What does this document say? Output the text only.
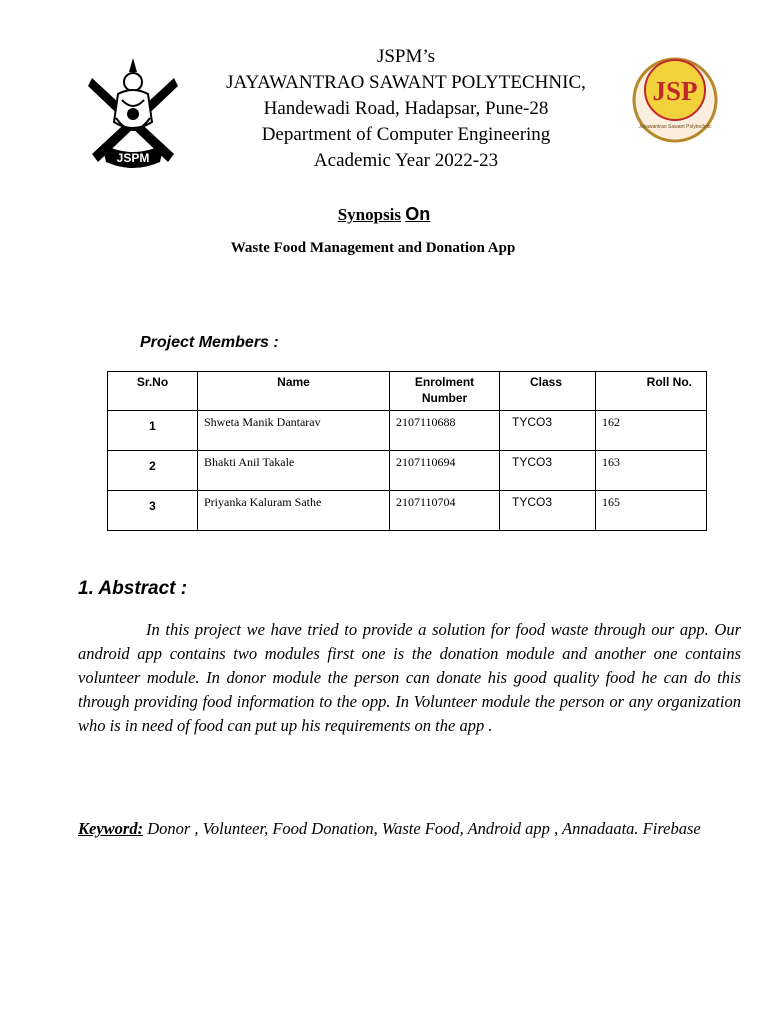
JSPM
JSPM’s
JAYAWANTRAO SAWANT POLYTECHNIC,
Handewadi Road, Hadapsar, Pune-28
Department of Computer Engineering
Academic Year 2022-23
JSP
Jayawantrao Sawant Polytechnic
Synopsis On
Waste Food Management and Donation App
Project Members :
Sr.No	Name	Enrolment Number	Class	Roll No.
1	Shweta Manik Dantarav	2107110688	TYCO3	162
2	Bhakti Anil Takale	2107110694	TYCO3	163
3	Priyanka Kaluram Sathe	2107110704	TYCO3	165
1. Abstract :
In this project we have tried to provide a solution for food waste through our app. Our android app contains two modules first one is the donation module and another one contains volunteer module. In donor module the person can donate his good quality food he can do this through providing food information to the opp. In Volunteer module the person or any organization who is in need of food can put up his requirements on the app .
Keyword: Donor , Volunteer, Food Donation, Waste Food, Android app , Annadaata. Firebase
